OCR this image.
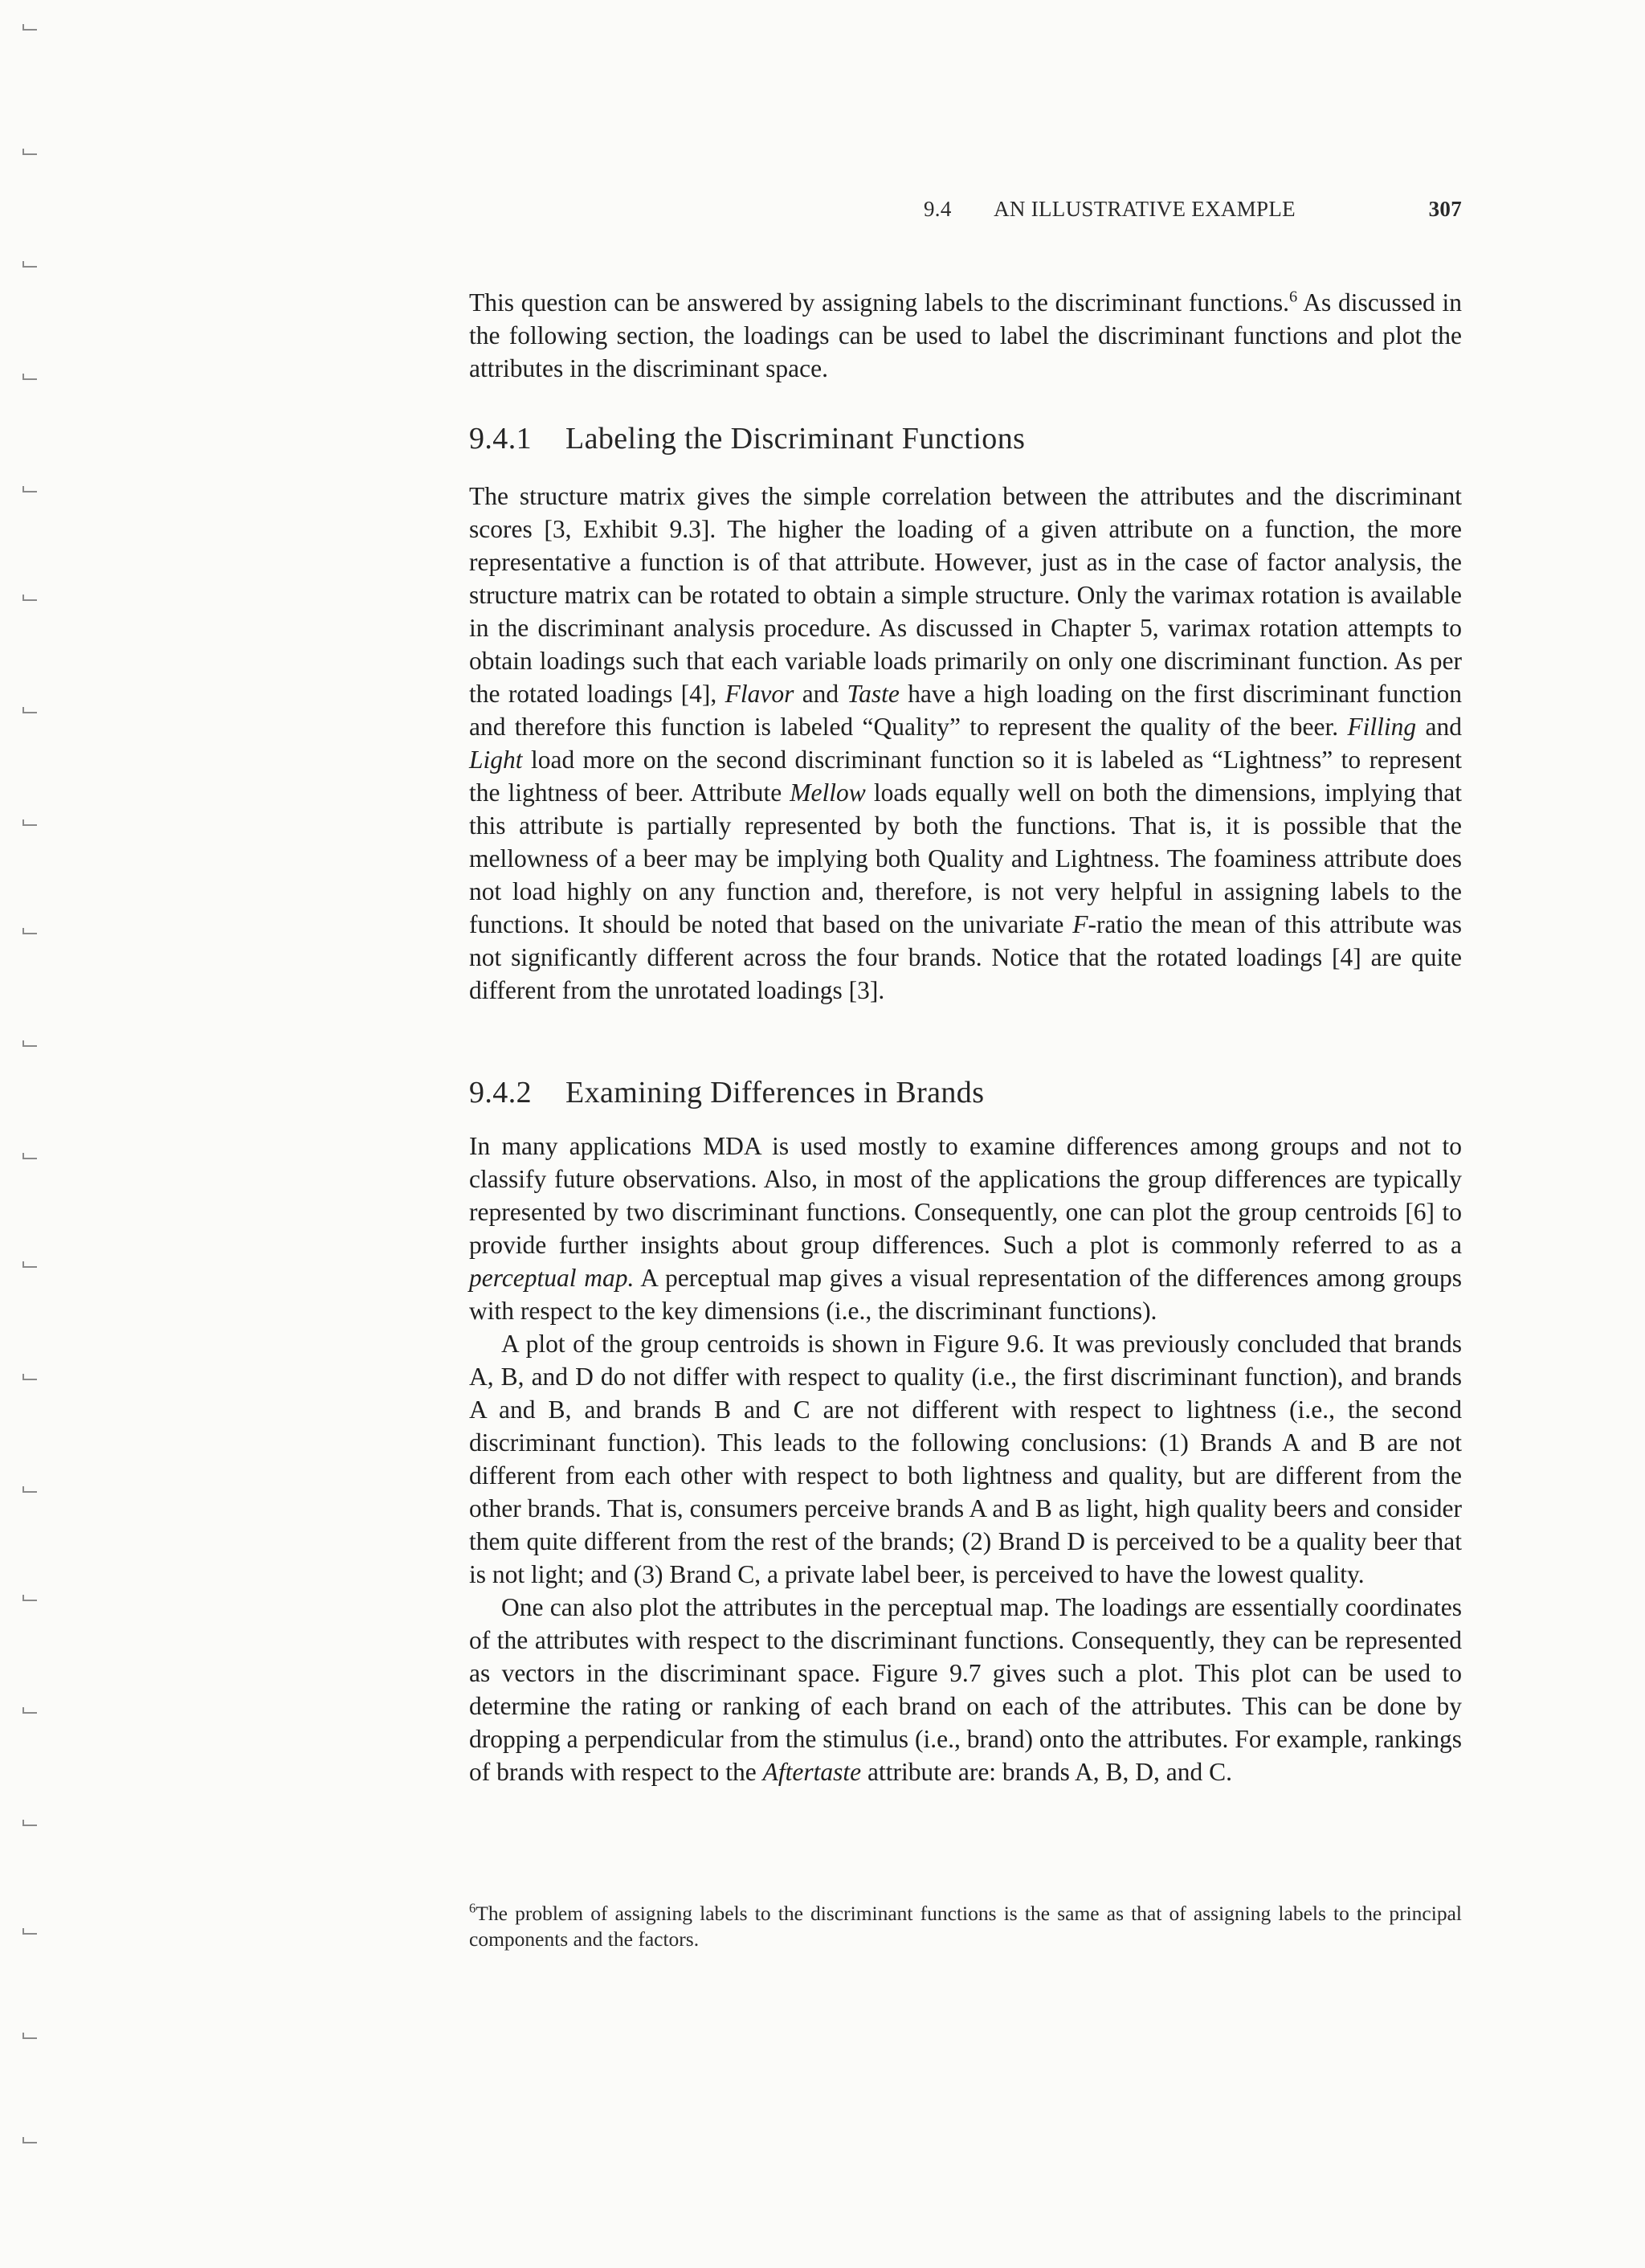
9.4 AN ILLUSTRATIVE EXAMPLE	307

This question can be answered by assigning labels to the discriminant functions.$^6$ As discussed in the following section, the loadings can be used to label the discriminant functions and plot the attributes in the discriminant space.

9.4.1 Labeling the Discriminant Functions

The structure matrix gives the simple correlation between the attributes and the discriminant scores [3, Exhibit 9.3]. The higher the loading of a given attribute on a function, the more representative a function is of that attribute. However, just as in the case of factor analysis, the structure matrix can be rotated to obtain a simple structure. Only the varimax rotation is available in the discriminant analysis procedure. As discussed in Chapter 5, varimax rotation attempts to obtain loadings such that each variable loads primarily on only one discriminant function. As per the rotated loadings [4], Flavor and Taste have a high loading on the first discriminant function and therefore this function is labeled “Quality” to represent the quality of the beer. Filling and Light load more on the second discriminant function so it is labeled as “Lightness” to represent the lightness of beer. Attribute Mellow loads equally well on both the dimensions, implying that this attribute is partially represented by both the functions. That is, it is possible that the mellowness of a beer may be implying both Quality and Lightness. The foaminess attribute does not load highly on any function and, therefore, is not very helpful in assigning labels to the functions. It should be noted that based on the univariate F-ratio the mean of this attribute was not significantly different across the four brands. Notice that the rotated loadings [4] are quite different from the unrotated loadings [3].

9.4.2 Examining Differences in Brands

In many applications MDA is used mostly to examine differences among groups and not to classify future observations. Also, in most of the applications the group differences are typically represented by two discriminant functions. Consequently, one can plot the group centroids [6] to provide further insights about group differences. Such a plot is commonly referred to as a perceptual map. A perceptual map gives a visual representation of the differences among groups with respect to the key dimensions (i.e., the discriminant functions).

A plot of the group centroids is shown in Figure 9.6. It was previously concluded that brands A, B, and D do not differ with respect to quality (i.e., the first discriminant function), and brands A and B, and brands B and C are not different with respect to lightness (i.e., the second discriminant function). This leads to the following conclusions: (1) Brands A and B are not different from each other with respect to both lightness and quality, but are different from the other brands. That is, consumers perceive brands A and B as light, high quality beers and consider them quite different from the rest of the brands; (2) Brand D is perceived to be a quality beer that is not light; and (3) Brand C, a private label beer, is perceived to have the lowest quality.

One can also plot the attributes in the perceptual map. The loadings are essentially coordinates of the attributes with respect to the discriminant functions. Consequently, they can be represented as vectors in the discriminant space. Figure 9.7 gives such a plot. This plot can be used to determine the rating or ranking of each brand on each of the attributes. This can be done by dropping a perpendicular from the stimulus (i.e., brand) onto the attributes. For example, rankings of brands with respect to the Aftertaste attribute are: brands A, B, D, and C.

$^6$The problem of assigning labels to the discriminant functions is the same as that of assigning labels to the principal components and the factors.
